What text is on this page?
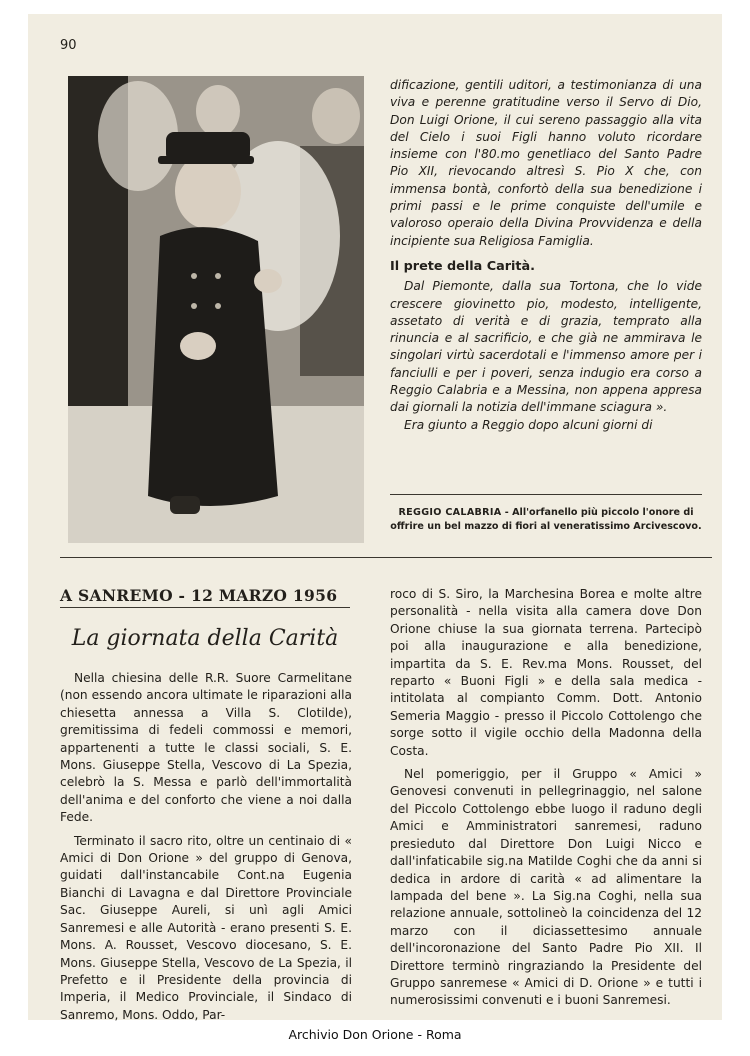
90

dificazione, gentili uditori, a testimonianza di una viva e perenne gratitudine verso il Servo di Dio, Don Luigi Orione, il cui sereno passaggio alla vita del Cielo i suoi Figli hanno voluto ricordare insieme con l'80.mo genetliaco del Santo Padre Pio XII, rievocando altresì S. Pio X che, con immensa bontà, confortò della sua benedizione i primi passi e le prime conquiste dell'umile e valoroso operaio della Divina Provvidenza e della incipiente sua Religiosa Famiglia.

Il prete della Carità.

Dal Piemonte, dalla sua Tortona, che lo vide crescere giovinetto pio, modesto, intelligente, assetato di verità e di grazia, temprato alla rinuncia e al sacrificio, e che già ne ammirava le singolari virtù sacerdotali e l'immenso amore per i fanciulli e per i poveri, senza indugio era corso a Reggio Calabria e a Messina, non appena appresa dai giornali la notizia dell'immane sciagura ».

Era giunto a Reggio dopo alcuni giorni di

REGGIO CALABRIA - All'orfanello più piccolo l'onore di offrire un bel mazzo di fiori al veneratissimo Arcivescovo.
A SANREMO - 12 MARZO 1956
La giornata della Carità

Nella chiesina delle R.R. Suore Carmelitane (non essendo ancora ultimate le riparazioni alla chiesetta annessa a Villa S. Clotilde), gremitissima di fedeli commossi e memori, appartenenti a tutte le classi sociali, S. E. Mons. Giuseppe Stella, Vescovo di La Spezia, celebrò la S. Messa e parlò dell'immortalità dell'anima e del conforto che viene a noi dalla Fede.

Terminato il sacro rito, oltre un centinaio di « Amici di Don Orione » del gruppo di Genova, guidati dall'instancabile Cont.na Eugenia Bianchi di Lavagna e dal Direttore Provinciale Sac. Giuseppe Aureli, si unì agli Amici Sanremesi e alle Autorità - erano presenti S. E. Mons. A. Rousset, Vescovo diocesano, S. E. Mons. Giuseppe Stella, Vescovo de La Spezia, il Prefetto e il Presidente della provincia di Imperia, il Medico Provinciale, il Sindaco di Sanremo, Mons. Oddo, Par-

roco di S. Siro, la Marchesina Borea e molte altre personalità - nella visita alla camera dove Don Orione chiuse la sua giornata terrena. Partecipò poi alla inaugurazione e alla benedizione, impartita da S. E. Rev.ma Mons. Rousset, del reparto « Buoni Figli » e della sala medica - intitolata al compianto Comm. Dott. Antonio Semeria Maggio - presso il Piccolo Cottolengo che sorge sotto il vigile occhio della Madonna della Costa.

Nel pomeriggio, per il Gruppo « Amici » Genovesi convenuti in pellegrinaggio, nel salone del Piccolo Cottolengo ebbe luogo il raduno degli Amici e Amministratori sanremesi, raduno presieduto dal Direttore Don Luigi Nicco e dall'infaticabile sig.na Matilde Coghi che da anni si dedica in ardore di carità « ad alimentare la lampada del bene ». La Sig.na Coghi, nella sua relazione annuale, sottolineò la coincidenza del 12 marzo con il diciassettesimo annuale dell'incoronazione del Santo Padre Pio XII. Il Direttore terminò ringraziando la Presidente del Gruppo sanremese « Amici di D. Orione » e tutti i numerosissimi convenuti e i buoni Sanremesi.

Archivio Don Orione - Roma
